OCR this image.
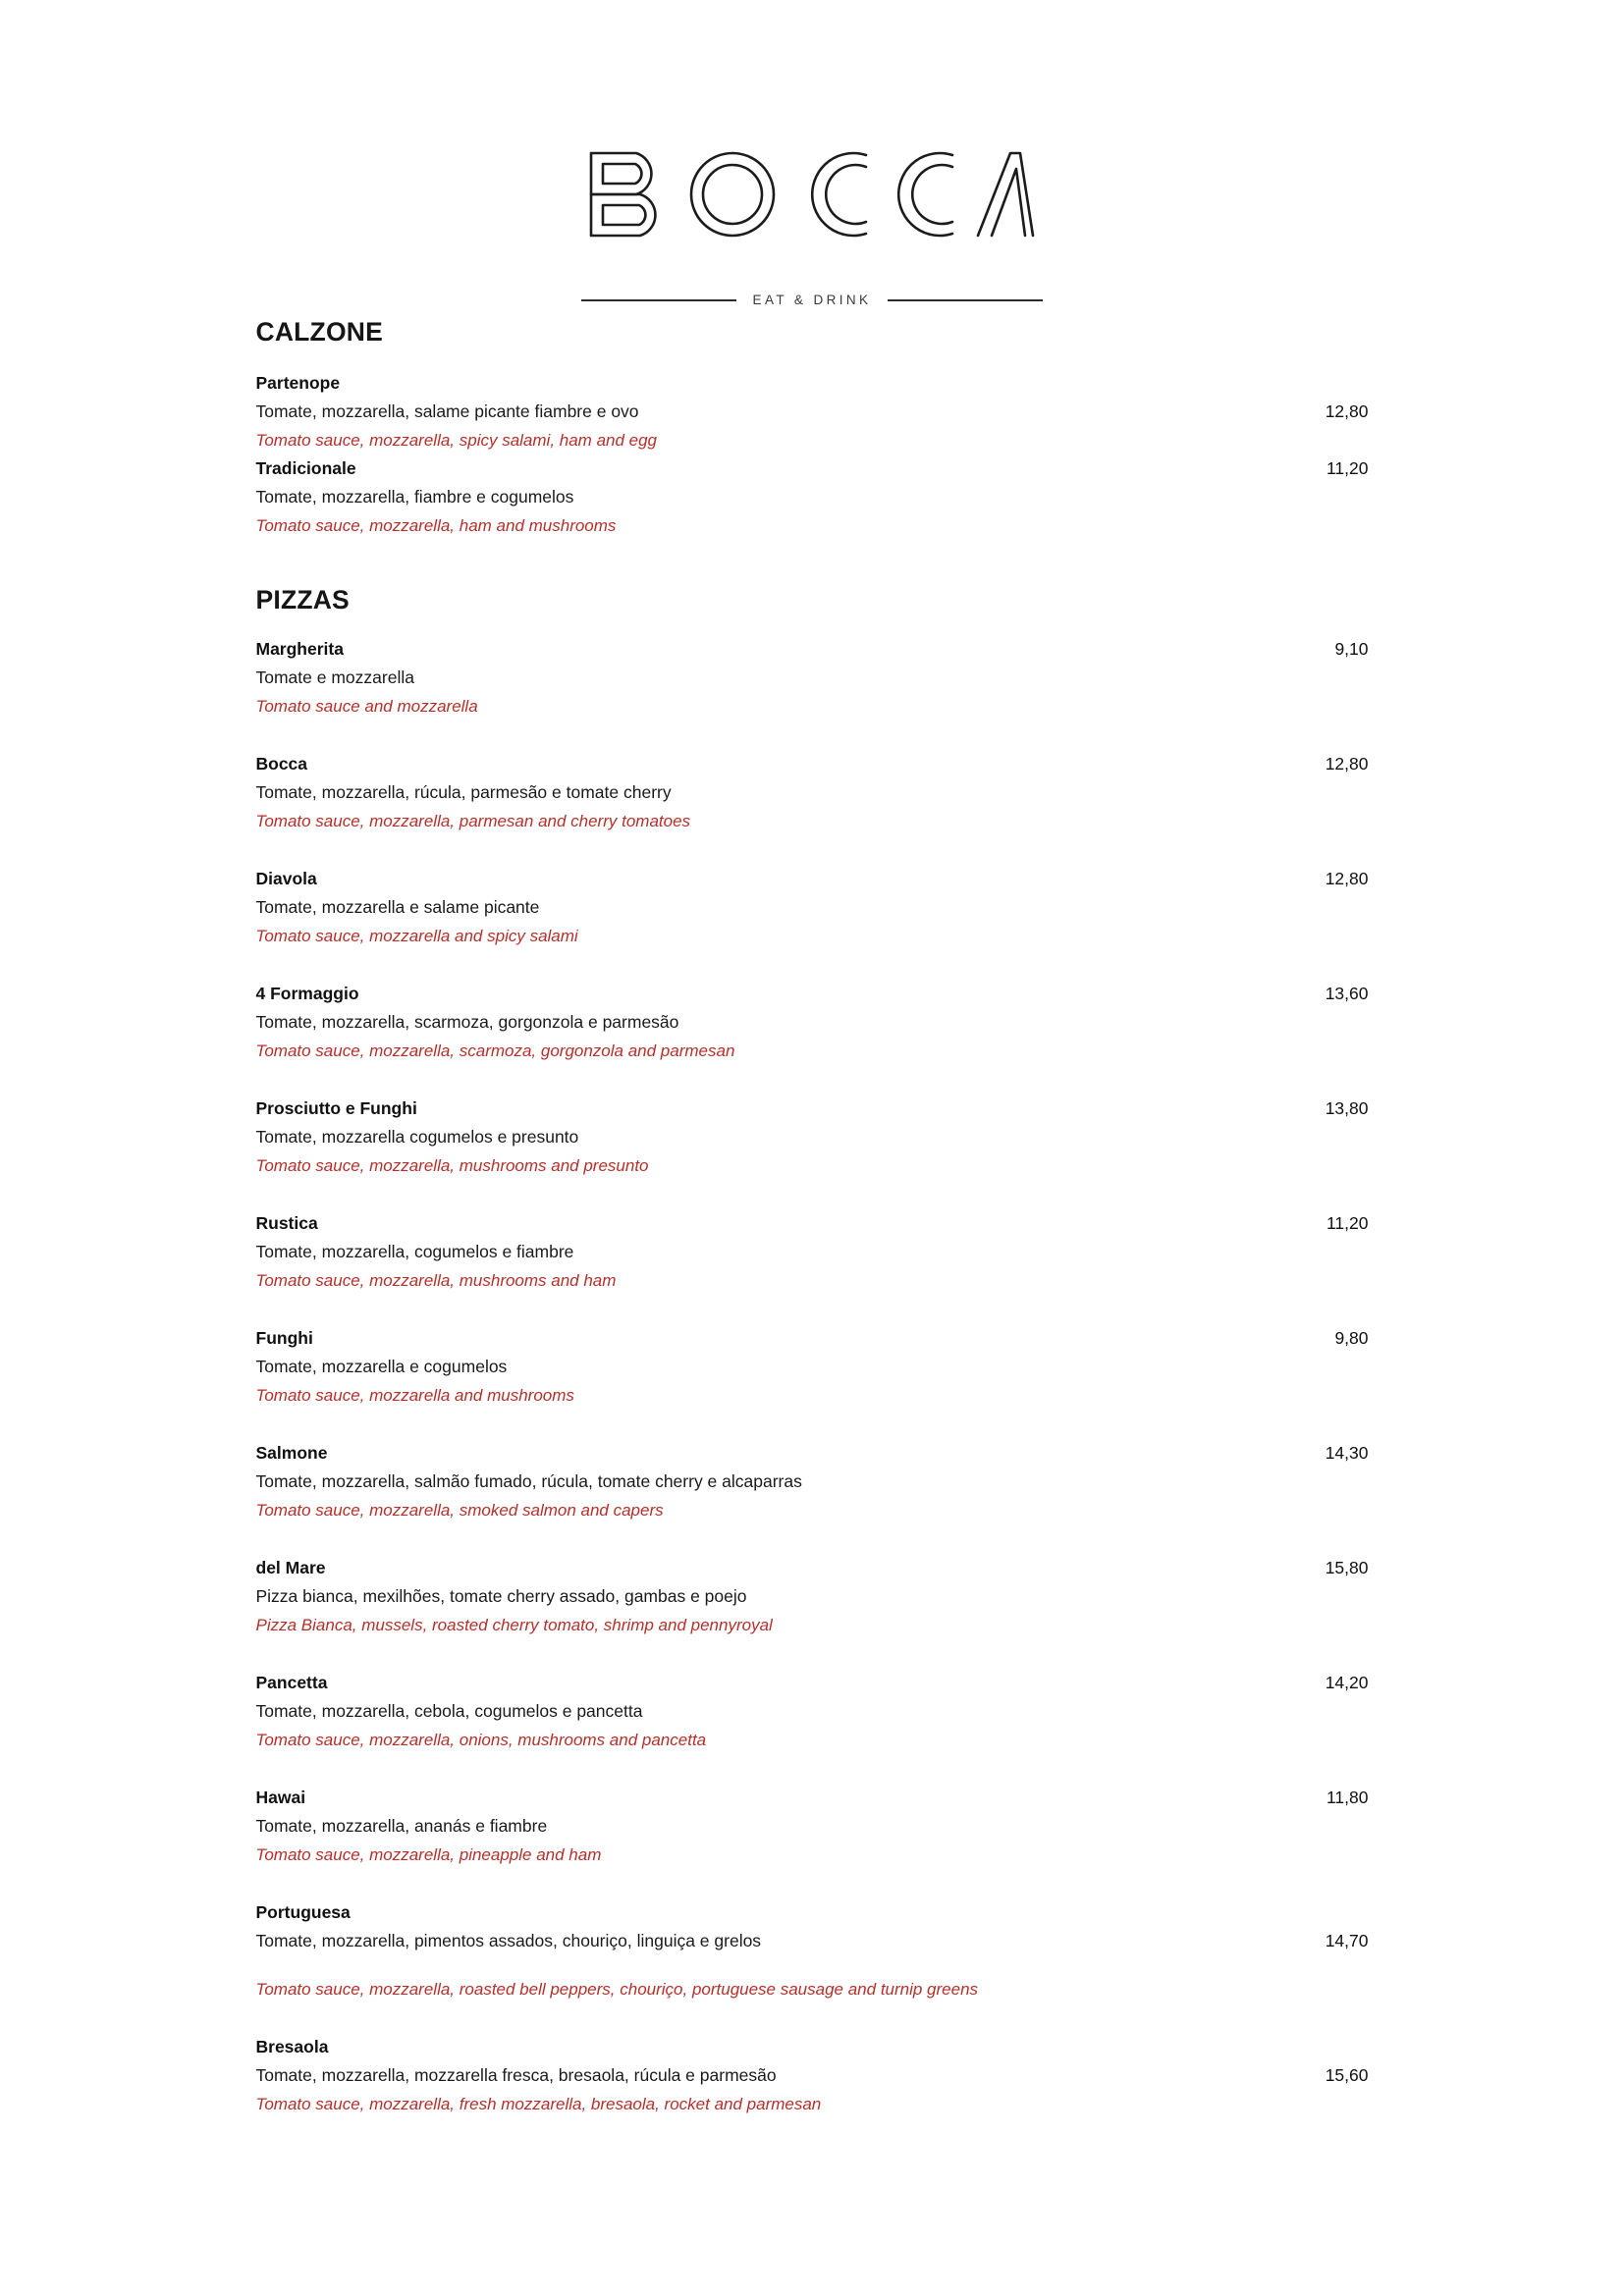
EAT & DRINK
CALZONE
Partenope
Tomate, mozzarella, salame picante fiambre e ovo	12,80
Tomato sauce, mozzarella, spicy salami, ham and egg
Tradicionale	11,20
Tomate, mozzarella, fiambre e cogumelos
Tomato sauce, mozzarella, ham and mushrooms
PIZZAS
Margherita	9,10
Tomate e mozzarella
Tomato sauce and mozzarella
Bocca	12,80
Tomate, mozzarella, rúcula, parmesão e tomate cherry
Tomato sauce, mozzarella, parmesan and cherry tomatoes
Diavola	12,80
Tomate, mozzarella e salame picante
Tomato sauce, mozzarella and spicy salami
4 Formaggio	13,60
Tomate, mozzarella, scarmoza, gorgonzola e parmesão
Tomato sauce, mozzarella, scarmoza, gorgonzola and parmesan
Prosciutto e Funghi	13,80
Tomate, mozzarella cogumelos e presunto
Tomato sauce, mozzarella, mushrooms and presunto
Rustica	11,20
Tomate, mozzarella, cogumelos e fiambre
Tomato sauce, mozzarella, mushrooms and ham
Funghi	9,80
Tomate, mozzarella e cogumelos
Tomato sauce, mozzarella and mushrooms
Salmone	14,30
Tomate, mozzarella, salmão fumado, rúcula, tomate cherry e alcaparras
Tomato sauce, mozzarella, smoked salmon and capers
del Mare	15,80
Pizza bianca, mexilhões, tomate cherry assado, gambas e poejo
Pizza Bianca, mussels, roasted cherry tomato, shrimp and pennyroyal
Pancetta	14,20
Tomate, mozzarella, cebola, cogumelos e pancetta
Tomato sauce, mozzarella, onions, mushrooms and pancetta
Hawai	11,80
Tomate, mozzarella, ananás e fiambre
Tomato sauce, mozzarella, pineapple and ham
Portuguesa
Tomate, mozzarella, pimentos assados, chouriço, linguiça e grelos	14,70
Tomato sauce, mozzarella, roasted bell peppers, chouriço, portuguese sausage and turnip greens
Bresaola
Tomate, mozzarella, mozzarella fresca, bresaola, rúcula e parmesão	15,60
Tomato sauce, mozzarella, fresh mozzarella, bresaola, rocket and parmesan
